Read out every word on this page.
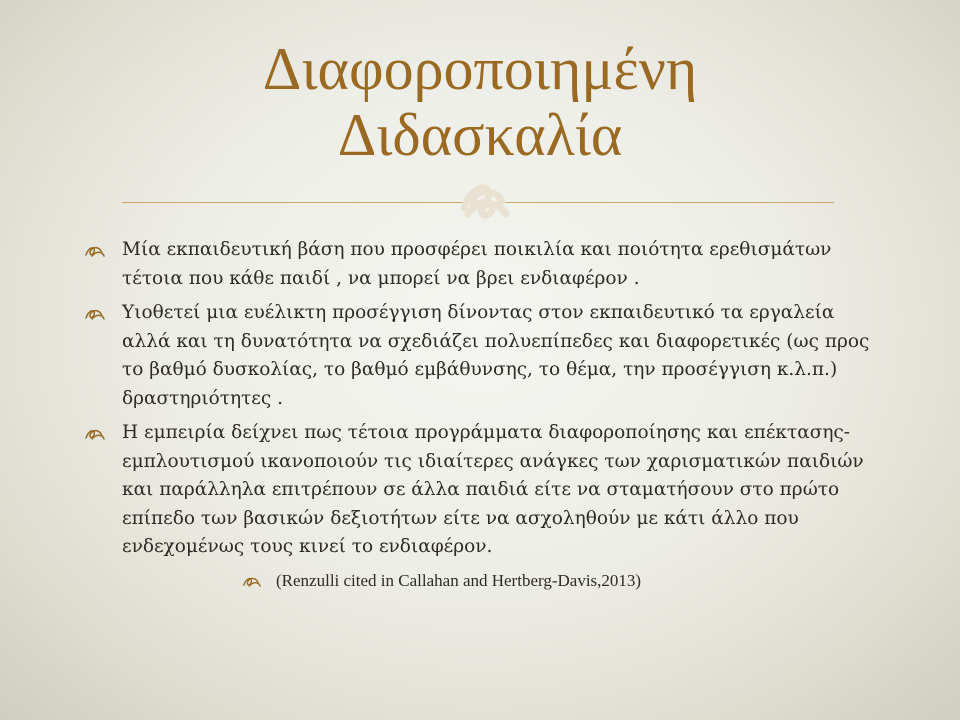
Διαφοροποιημένη
Διδασκαλία
Μία εκπαιδευτική βάση που προσφέρει ποικιλία και ποιότητα ερεθισμάτων τέτοια που κάθε παιδί , να μπορεί να βρει ενδιαφέρον .
Υιοθετεί μια ευέλικτη προσέγγιση δίνοντας στον εκπαιδευτικό τα εργαλεία αλλά και τη δυνατότητα να σχεδιάζει πολυεπίπεδες και διαφορετικές (ως προς το βαθμό δυσκολίας, το βαθμό εμβάθυνσης, το θέμα, την προσέγγιση κ.λ.π.) δραστηριότητες .
Η εμπειρία δείχνει πως τέτοια προγράμματα διαφοροποίησης και επέκτασης- εμπλουτισμού ικανοποιούν τις ιδιαίτερες ανάγκες των χαρισματικών παιδιών και παράλληλα επιτρέπουν σε άλλα παιδιά είτε να σταματήσουν στο πρώτο επίπεδο των βασικών δεξιοτήτων είτε να ασχοληθούν με κάτι άλλο που ενδεχομένως τους κινεί το ενδιαφέρον.
(Renzulli cited in Callahan and Hertberg-Davis,2013)
